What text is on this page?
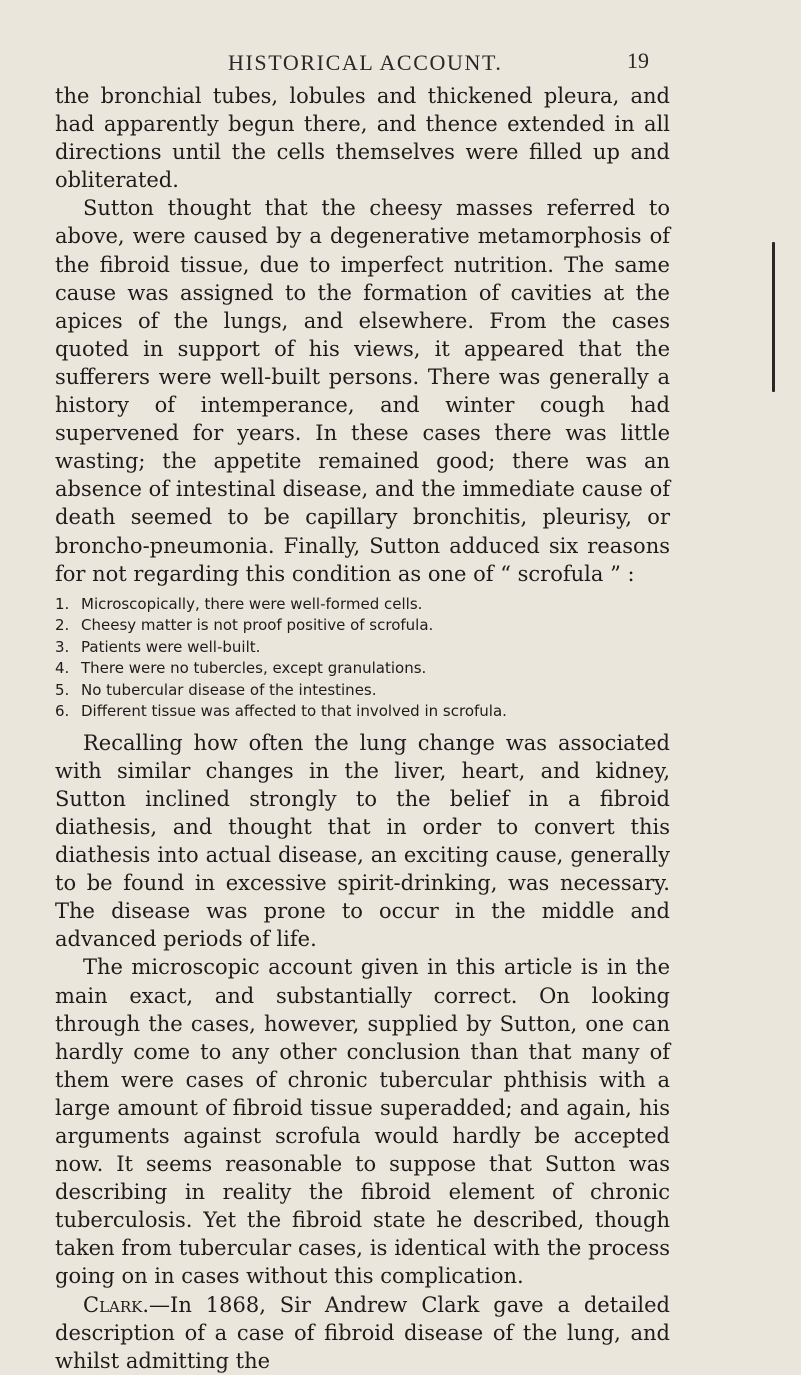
HISTORICAL ACCOUNT.	19

the bronchial tubes, lobules and thickened pleura, and had apparently begun there, and thence extended in all directions until the cells themselves were filled up and obliterated.

Sutton thought that the cheesy masses referred to above, were caused by a degenerative metamorphosis of the fibroid tissue, due to imperfect nutrition. The same cause was assigned to the formation of cavities at the apices of the lungs, and elsewhere. From the cases quoted in support of his views, it appeared that the sufferers were well-built persons. There was generally a history of intemperance, and winter cough had supervened for years. In these cases there was little wasting; the appetite remained good; there was an absence of intestinal disease, and the immediate cause of death seemed to be capillary bronchitis, pleurisy, or broncho-pneumonia. Finally, Sutton adduced six reasons for not regarding this condition as one of “ scrofula ” :

1. Microscopically, there were well-formed cells.
2. Cheesy matter is not proof positive of scrofula.
3. Patients were well-built.
4. There were no tubercles, except granulations.
5. No tubercular disease of the intestines.
6. Different tissue was affected to that involved in scrofula.

Recalling how often the lung change was associated with similar changes in the liver, heart, and kidney, Sutton inclined strongly to the belief in a fibroid diathesis, and thought that in order to convert this diathesis into actual disease, an exciting cause, generally to be found in excessive spirit-drinking, was necessary. The disease was prone to occur in the middle and advanced periods of life.

The microscopic account given in this article is in the main exact, and substantially correct. On looking through the cases, however, supplied by Sutton, one can hardly come to any other conclusion than that many of them were cases of chronic tubercular phthisis with a large amount of fibroid tissue superadded; and again, his arguments against scrofula would hardly be accepted now. It seems reasonable to suppose that Sutton was describing in reality the fibroid element of chronic tuberculosis. Yet the fibroid state he described, though taken from tubercular cases, is identical with the process going on in cases without this complication.

Clark.—In 1868, Sir Andrew Clark gave a detailed description of a case of fibroid disease of the lung, and whilst admitting the
